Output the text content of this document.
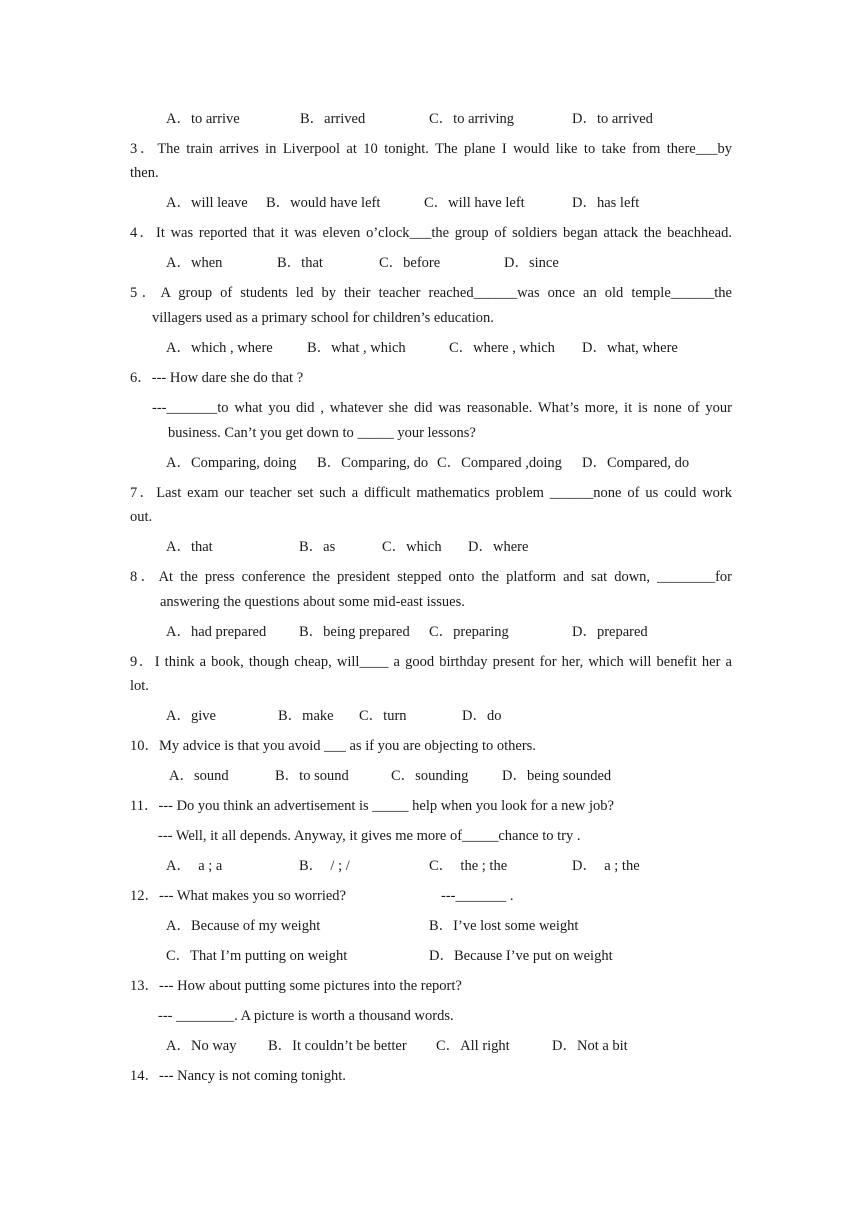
A．to arrive	B．arrived	C．to arriving	D．to arrived
3．The train arrives in Liverpool at 10 tonight. The plane I would like to take from there___by
then.
A．will leave B．would have left	C．will have left	D．has left
4．It was reported that it was eleven o’clock___the group of soldiers began attack the beachhead.
A．when	B．that	C．before	D．since
5．A group of students led by their teacher reached______was once an old temple______the
villagers used as a primary school for children’s education.
A．which , where B．what , which	C．where , which D．what, where
6．--- How dare she do that ?
---_______to what you did , whatever she did was reasonable. What’s more, it is none of your
business. Can’t you get down to _____ your lessons?
A．Comparing, doing B．Comparing, do C．Compared ,doing D．Compared, do
7．Last exam our teacher set such a difficult mathematics problem ______none of us could work
out.
A．that	B．as	C．which D．where
8．At the press conference the president stepped onto the platform and sat down, ________for
answering the questions about some mid-east issues.
A．had prepared B．being prepared C．preparing	D．prepared
9．I think a book, though cheap, will____ a good birthday present for her, which will benefit her a
lot.
A．give	B．make C．turn	D．do
10．My advice is that you avoid ___ as if you are objecting to others.
A．sound	B．to sound	C．sounding D．being sounded
11．--- Do you think an advertisement is _____ help when you look for a new job?
--- Well, it all depends. Anyway, it gives me more of_____chance to try .
A．  a ; a	B．  / ; /	C．  the ; the	D．  a ; the
12．--- What makes you so worried?	---_______ .
A．Because of my weight	B．I’ve lost some weight
C．That I’m putting on weight	D．Because I’ve put on weight
13．--- How about putting some pictures into the report?
--- ________. A picture is worth a thousand words.
A．No way B．It couldn’t be better C．All right	D．Not a bit
14．--- Nancy is not coming tonight.
